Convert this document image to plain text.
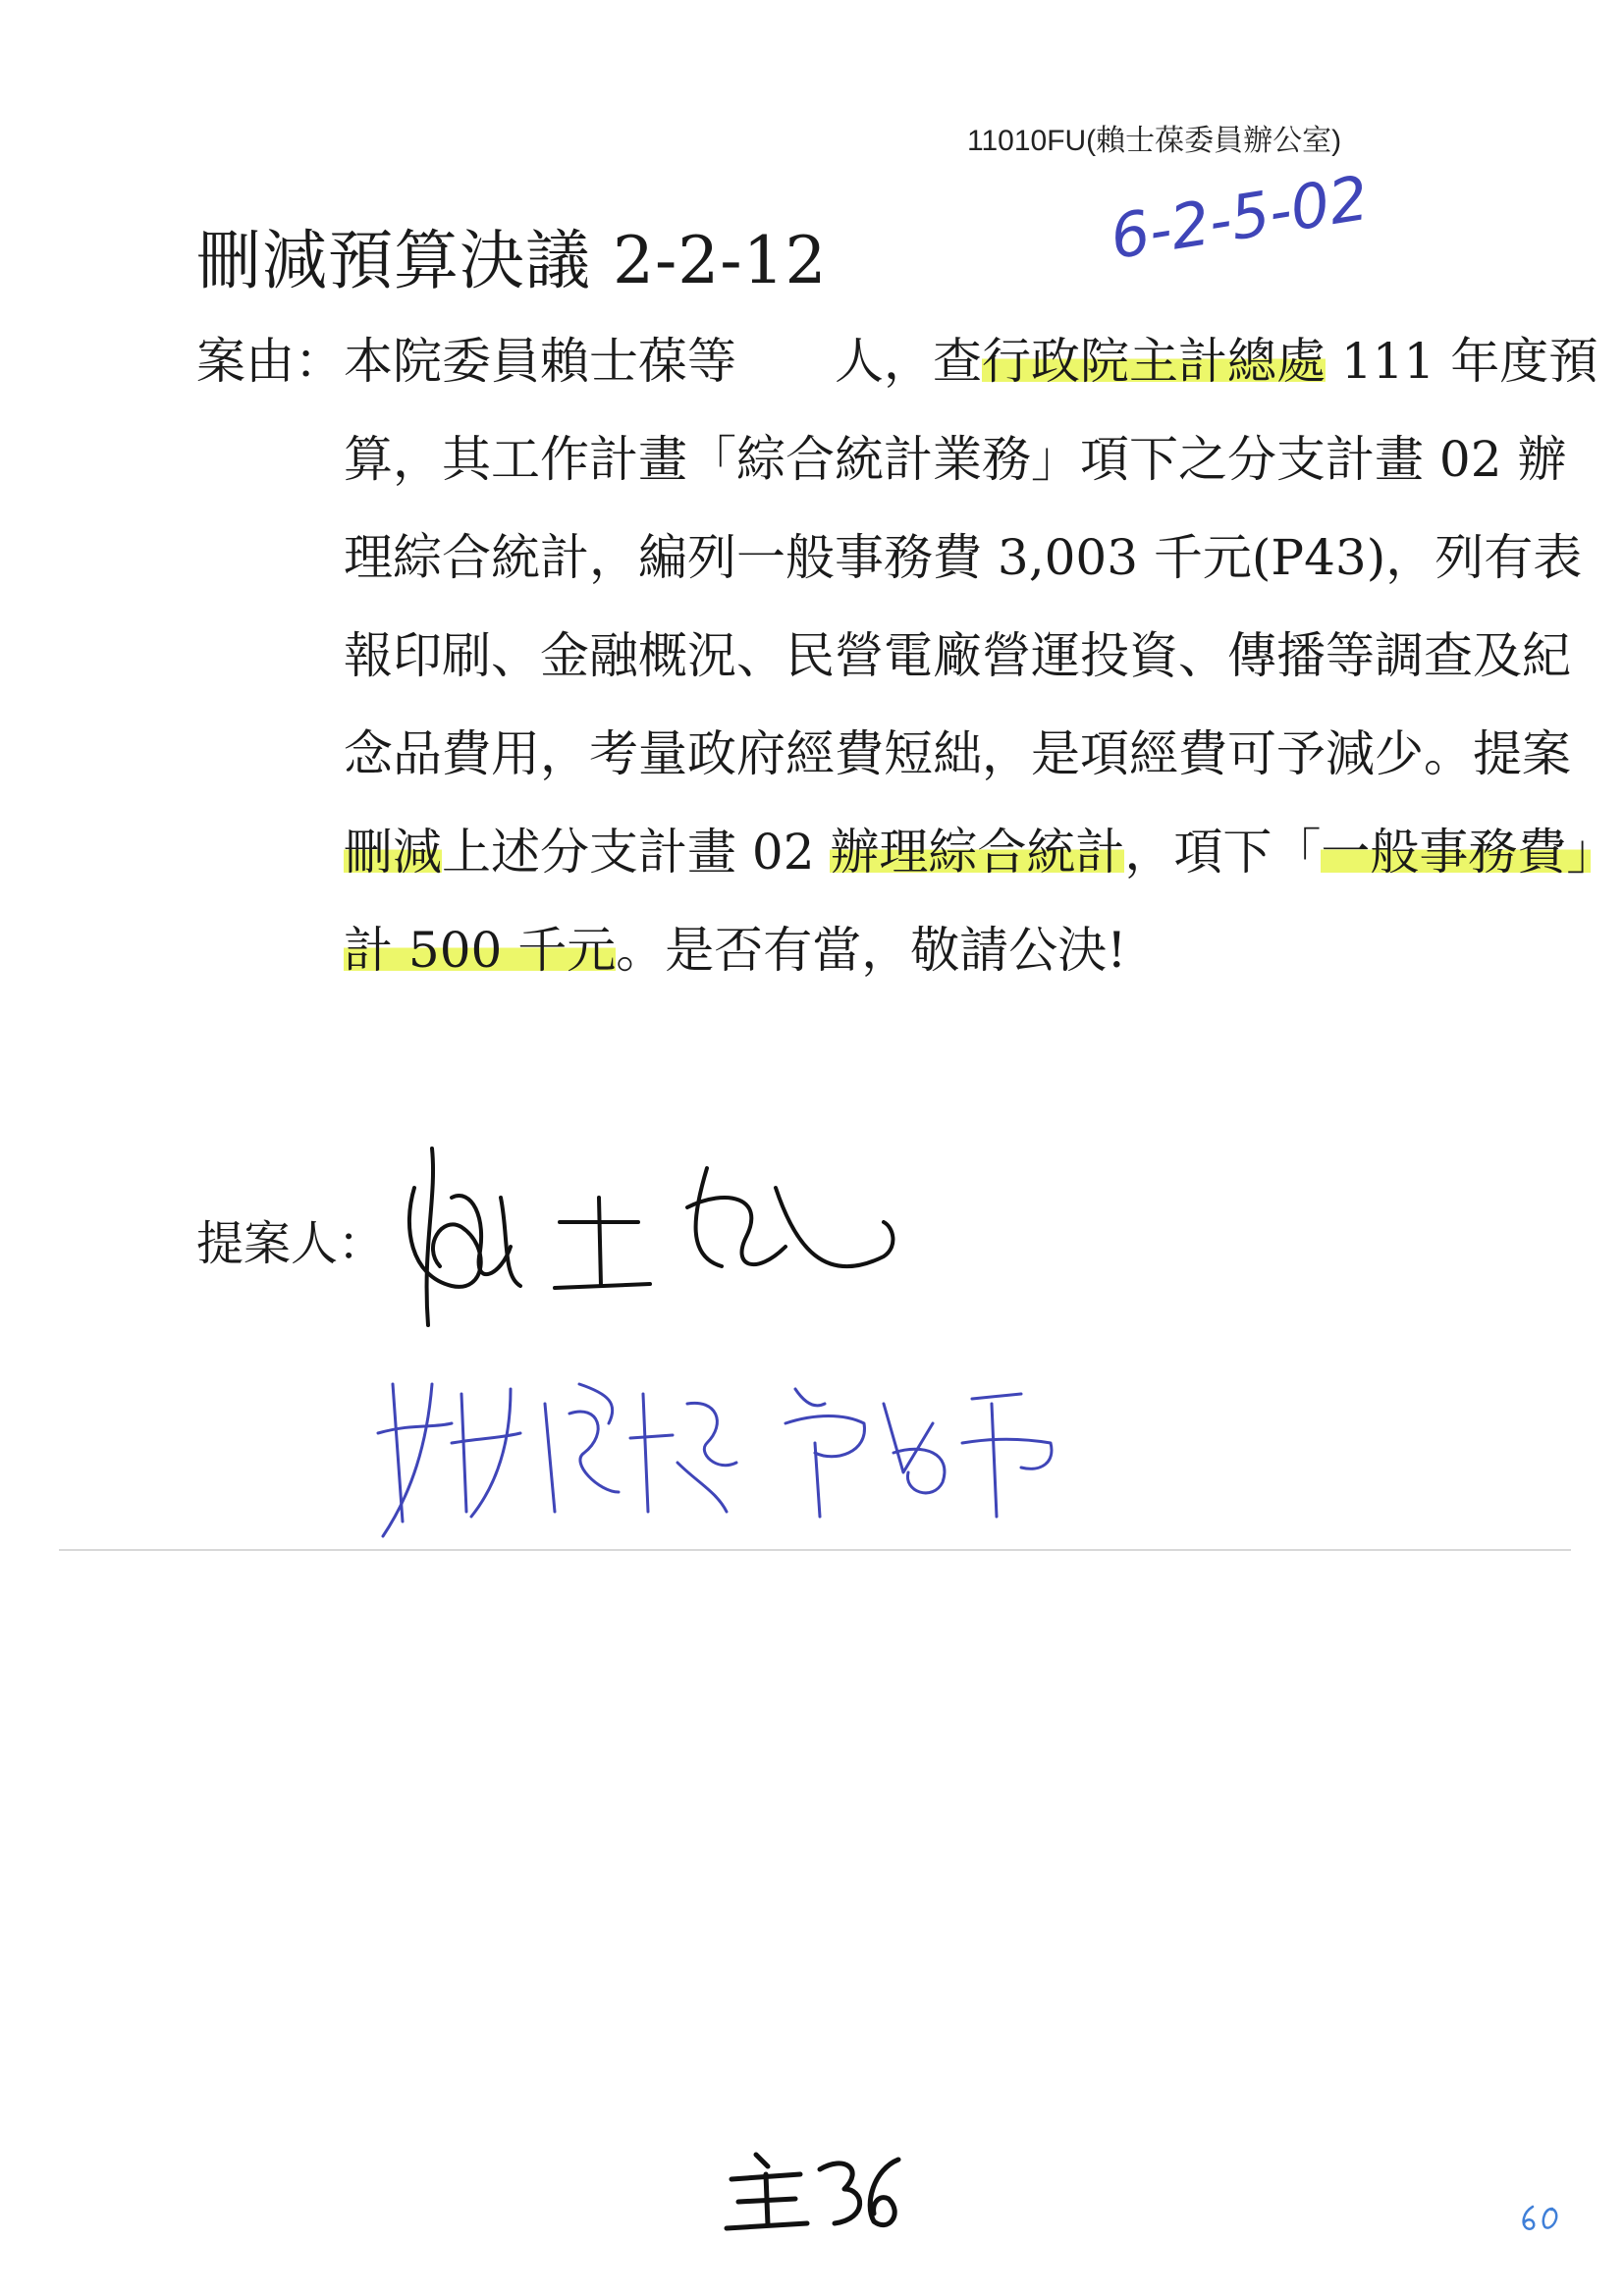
11010FU(賴士葆委員辦公室)
刪減預算決議 2-2-12	6-2-5-02
案由：本院委員賴士葆等　　人，查行政院主計總處 111 年度預算，其工作計畫「綜合統計業務」項下之分支計畫 02 辦理綜合統計，編列一般事務費 3,003 千元(P43)，列有表報印刷、金融概況、民營電廠營運投資、傳播等調查及紀念品費用，考量政府經費短絀，是項經費可予減少。提案刪減上述分支計畫 02 辦理綜合統計，項下「一般事務費」計 500 千元。是否有當，敬請公決!
提案人：
